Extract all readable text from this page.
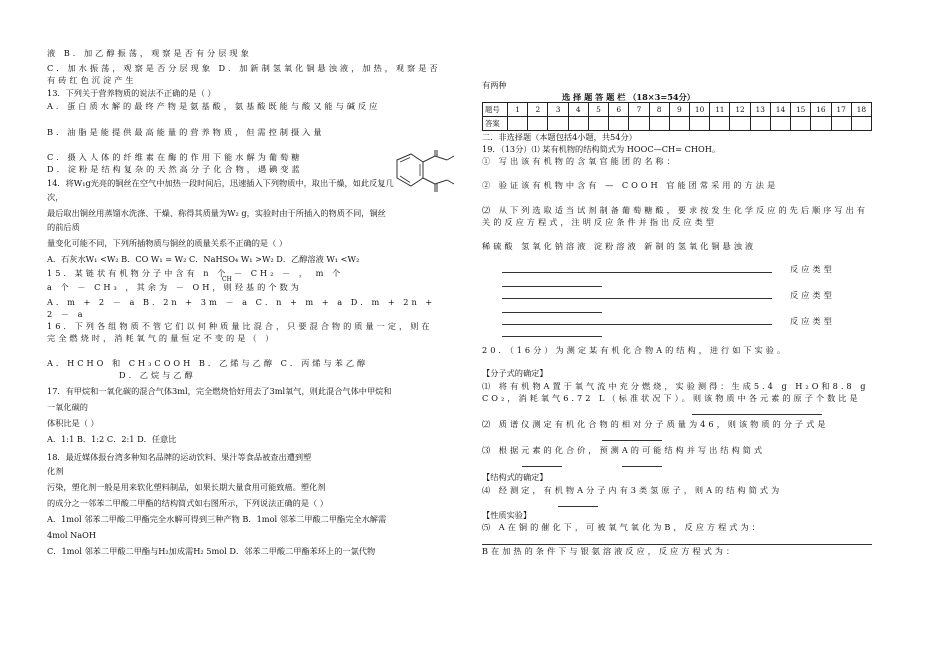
液 B．加乙醇振荡，观察是否有分层现象
C．加水振荡，观察是否分层现象 D．加新制氢氧化铜悬浊液，加热，观察是否有砖红色沉淀产生
13．下列关于营养物质的说法不正确的是（ ）
A．蛋白质水解的最终产物是氨基酸，氨基酸既能与酸又能与碱反应
B．油脂是能提供最高能量的营养物质，但需控制摄入量
C．摄入人体的纤维素在酶的作用下能水解为葡萄糖
D．淀粉是结构复杂的天然高分子化合物，遇碘变蓝
14．将W₁g光亮的铜丝在空气中加热一段时间后，迅速插入下列物质中，取出干燥，如此反复几
次，
最后取出铜丝用蒸馏水洗涤、干燥、称得其质量为W₂ g，实验时由于所插入的物质不同，铜丝
的前后质
量变化可能不同，下列所插物质与铜丝的质量关系不正确的是（ ）
A．石灰水W₁ <W₂ B．CO W₁ = W₂ C．NaHSO₄ W₁ >W₂ D．乙醇溶液 W₁ <W₂
15．某链状有机物分子中含有 n 个 － CH₂ － ， m 个
CH
a 个 － CH₃ ，其余为 － OH，则羟基的个数为
A．m + 2 － a B．2n + 3m － a C．n + m + a D．m + 2n + 2 － a
16．下列各组物质不管它们以何种质量比混合，只要混合物的质量一定，则在完全燃烧时，消耗氧气的量恒定不变的是（ ）
A．HCHO 和 CH₃COOH B．乙烯与乙醇 C．丙烯与苯乙醇
D．乙烷与乙醇
17．有甲烷和一氧化碳的混合气体3ml，完全燃烧恰好用去了3ml氧气，则此混合气体中甲烷和
一氧化碳的
体积比是（ ）
A．1:1 B．1:2 C．2:1 D．任意比
18．最近媒体报台湾多种知名品牌的运动饮料、果汁等食品被查出遭到塑
化剂
污染，塑化剂一般是用来软化塑料制品，如果长期大量食用可能致癌。塑化剂
的成分之一邻苯二甲酸二甲酯的结构简式如右图所示，下列说法正确的是（ ）
A．1mol 邻苯二甲酸二甲酯完全水解可得到三种产物 B．1mol 邻苯二甲酸二甲酯完全水解需
4mol NaOH
C．1mol 邻苯二甲酸二甲酯与H₂加成需H₂ 5mol D．邻苯二甲酸二甲酯苯环上的一氯代物
有两种
选 择 题 答 题 栏 （18×3=54分）
题号	1	2	3	4	5	6	7	8	9	10	11	12	13	14	15	16	17	18
答案																		
二．非选择题（本题包括4小题，共54分）
19．（13分）⑴ 某有机物的结构简式为 HOOC—CH= CHOH。
① 写出该有机物的含氧官能团的名称：
② 验证该有机物中含有 — COOH 官能团常采用的方法是
⑵ 从下列选取适当试剂制备葡萄糖酸，要求按发生化学反应的先后顺序写出有关的反应方程式，注明反应条件并指出反应类型
稀硫酸 氢氧化钠溶液 淀粉溶液 新制的氢氧化铜悬浊液
反应类型
反应类型
反应类型
20．（16分）为测定某有机化合物A的结构，进行如下实验。
【分子式的确定】
⑴ 将有机物A置于氧气流中充分燃烧，实验测得：生成5.4 g H₂O和8.8 g CO₂，消耗氧气6.72 L（标准状况下）。则该物质中各元素的原子个数比是
⑵ 质谱仪测定有机化合物的相对分子质量为46，则该物质的分子式是
⑶ 根据元素的化合价，预测A的可能结构并写出结构简式
【结构式的确定】
⑷ 经测定，有机物A分子内有3类氢原子，则A的结构简式为
【性质实验】
⑸ A在铜的催化下，可被氧气氧化为B，反应方程式为：
B在加热的条件下与银氨溶液反应，反应方程式为：
